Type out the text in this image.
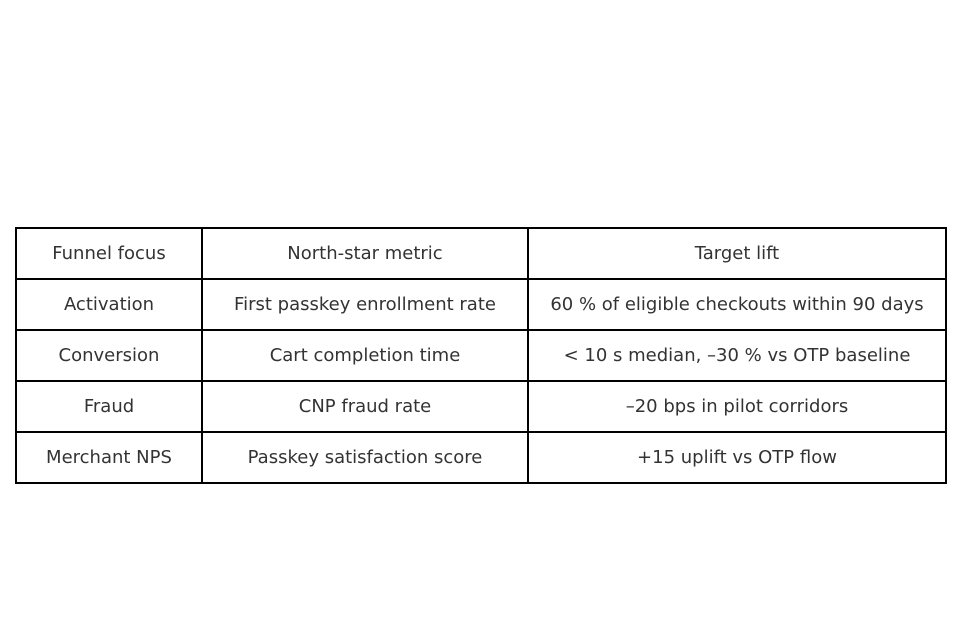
Funnel focus	North-star metric	Target lift
Activation	First passkey enrollment rate	60 % of eligible checkouts within 90 days
Conversion	Cart completion time	< 10 s median, –30 % vs OTP baseline
Fraud	CNP fraud rate	–20 bps in pilot corridors
Merchant NPS	Passkey satisfaction score	+15 uplift vs OTP flow
